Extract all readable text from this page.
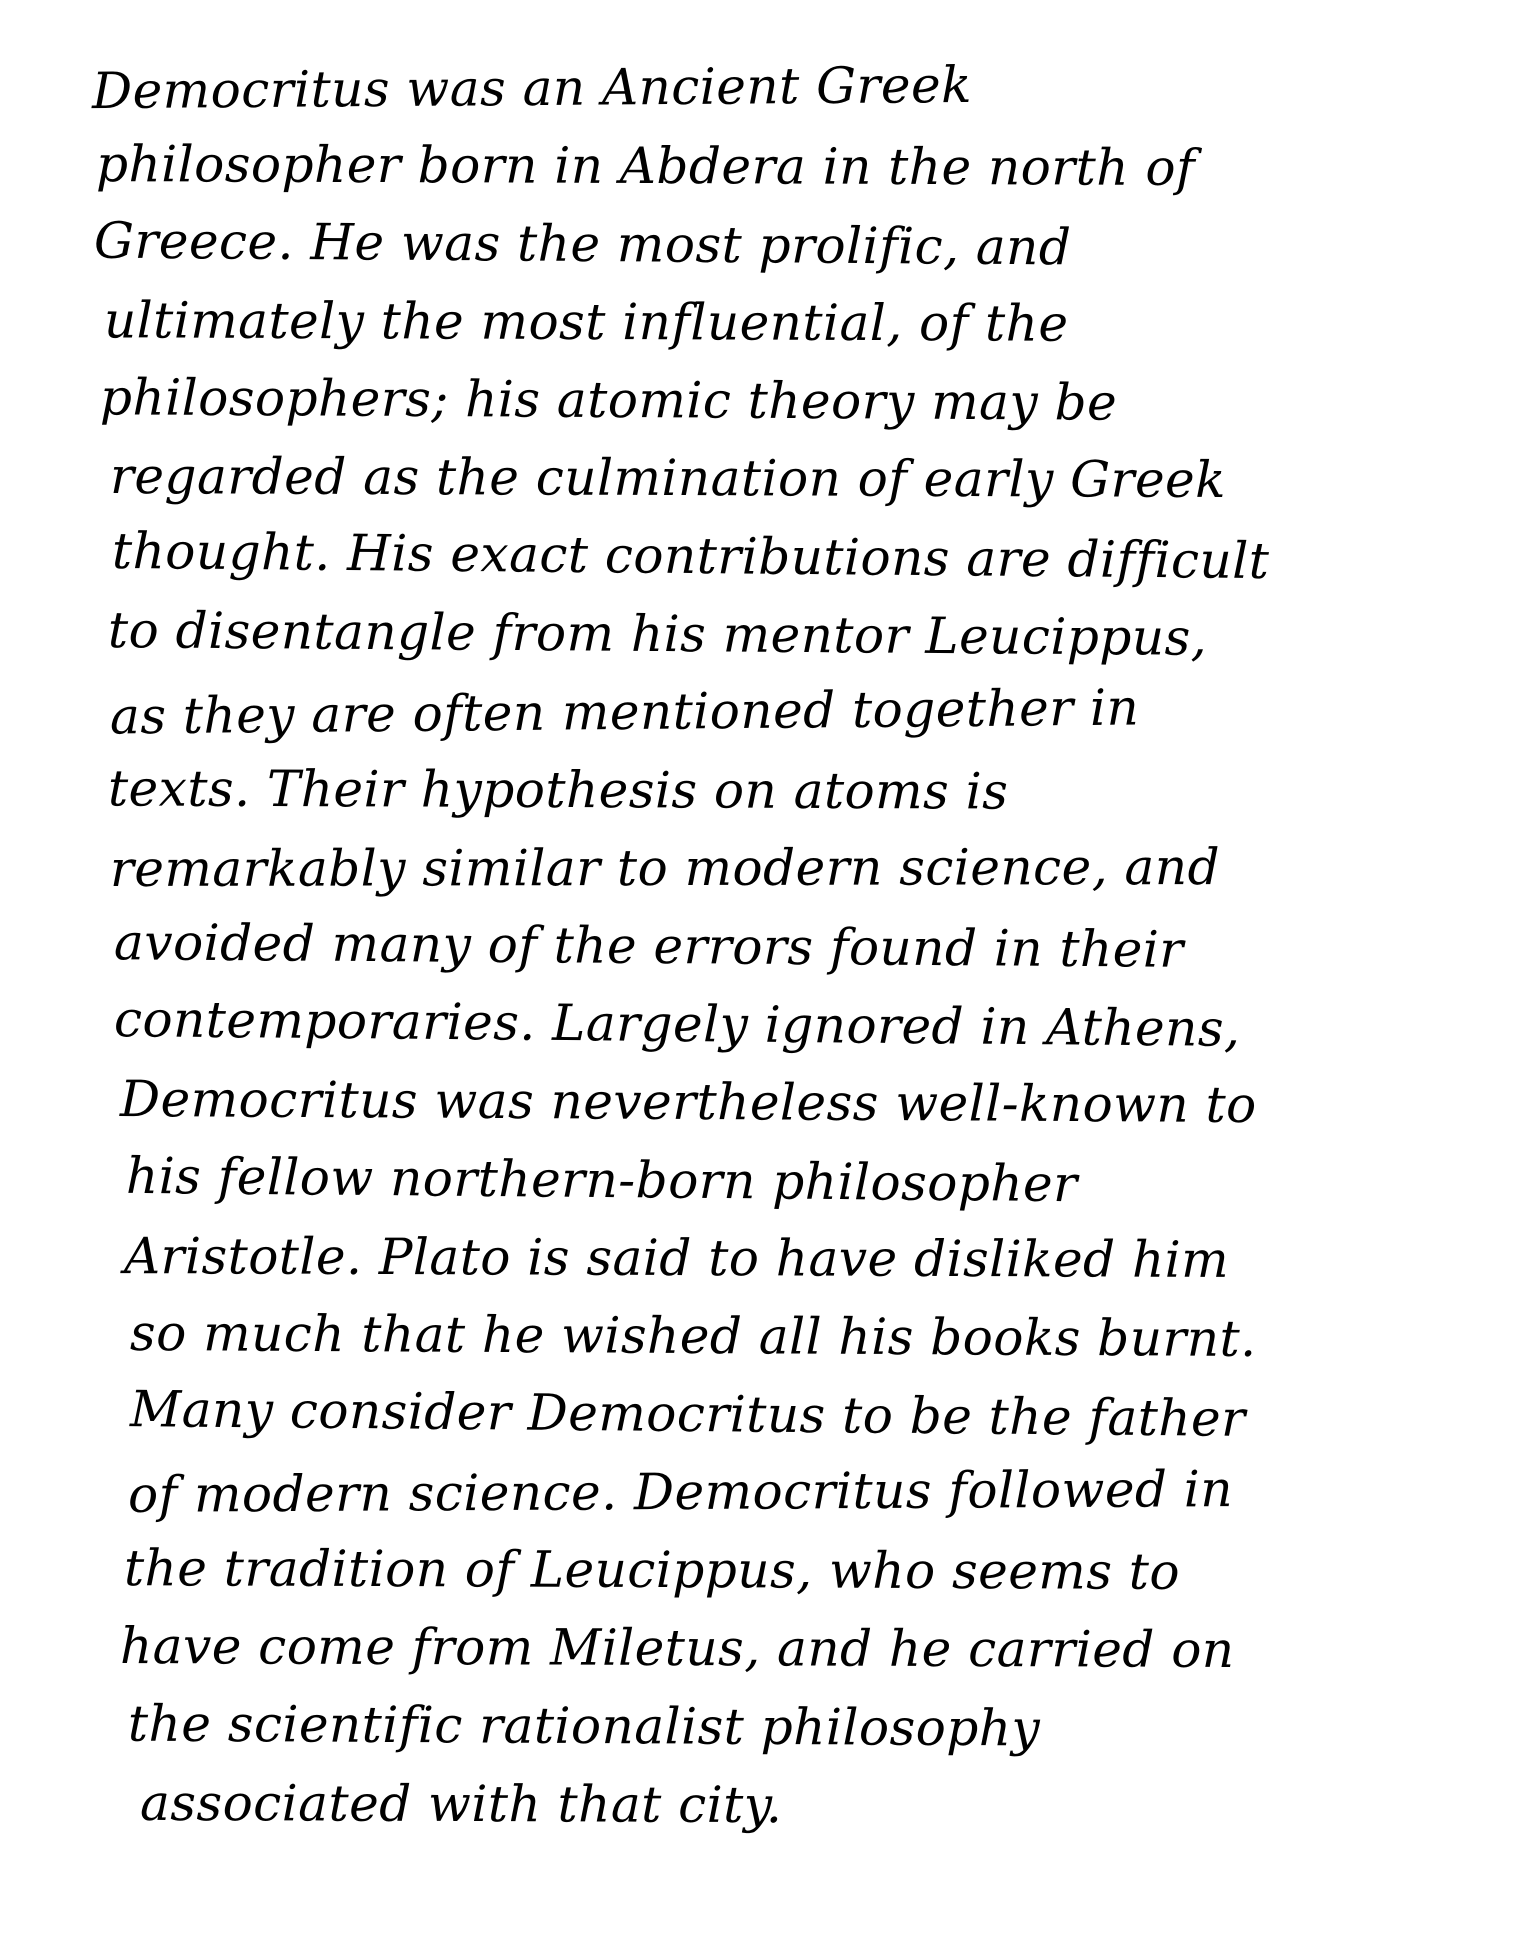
Democritus was an Ancient Greek
philosopher born in Abdera in the north of
Greece. He was the most prolific, and
ultimately the most influential, of the
philosophers; his atomic theory may be
regarded as the culmination of early Greek
thought. His exact contributions are difficult
to disentangle from his mentor Leucippus,
as they are often mentioned together in
texts. Their hypothesis on atoms is
remarkably similar to modern science, and
avoided many of the errors found in their
contemporaries. Largely ignored in Athens,
Democritus was nevertheless well-known to
his fellow northern-born philosopher
Aristotle. Plato is said to have disliked him
so much that he wished all his books burnt.
Many consider Democritus to be the father
of modern science. Democritus followed in
the tradition of Leucippus, who seems to
have come from Miletus, and he carried on
the scientific rationalist philosophy
associated with that city.
